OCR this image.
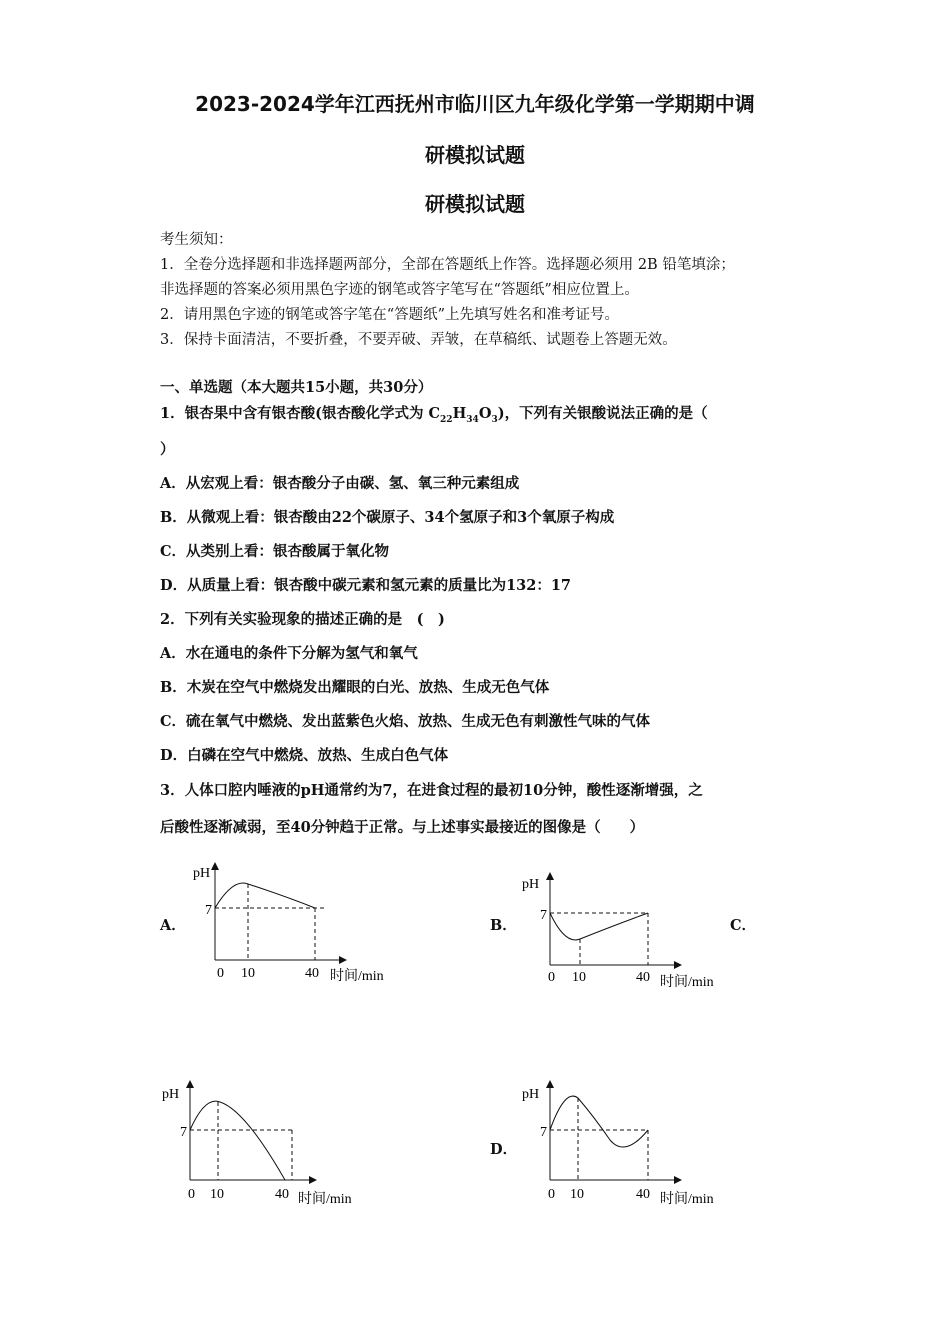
2023-2024学年江西抚州市临川区九年级化学第一学期期中调
研模拟试题
研模拟试题
考生须知：
1．全卷分选择题和非选择题两部分，全部在答题纸上作答。选择题必须用 2B 铅笔填涂；
非选择题的答案必须用黑色字迹的钢笔或答字笔写在“答题纸”相应位置上。
2．请用黑色字迹的钢笔或答字笔在“答题纸”上先填写姓名和准考证号。
3．保持卡面清洁，不要折叠，不要弄破、弄皱，在草稿纸、试题卷上答题无效。
一、单选题（本大题共15小题，共30分）
1．银杏果中含有银杏酸(银杏酸化学式为 $C_{22}H_{34}O_3$)，下列有关银酸说法正确的是（
）
A．从宏观上看：银杏酸分子由碳、氢、氧三种元素组成
B．从微观上看：银杏酸由22个碳原子、34个氢原子和3个氧原子构成
C．从类别上看：银杏酸属于氧化物
D．从质量上看：银杏酸中碳元素和氢元素的质量比为132：17
2．下列有关实验现象的描述正确的是　(　)
A．水在通电的条件下分解为氢气和氧气
B．木炭在空气中燃烧发出耀眼的白光、放热、生成无色气体
C．硫在氧气中燃烧、发出蓝紫色火焰、放热、生成无色有刺激性气味的气体
D．白磷在空气中燃烧、放热、生成白色气体
3．人体口腔内唾液的pH通常约为7，在进食过程的最初10分钟，酸性逐渐增强，之
后酸性逐渐减弱，至40分钟趋于正常。与上述事实最接近的图像是（　　）
A．	B．	C．
D．
pH
7
0 10	40 时间/min
pH
7
0 10	40 时间/min
pH
7
0 10	40 时间/min
pH
7
0 10	40 时间/min
